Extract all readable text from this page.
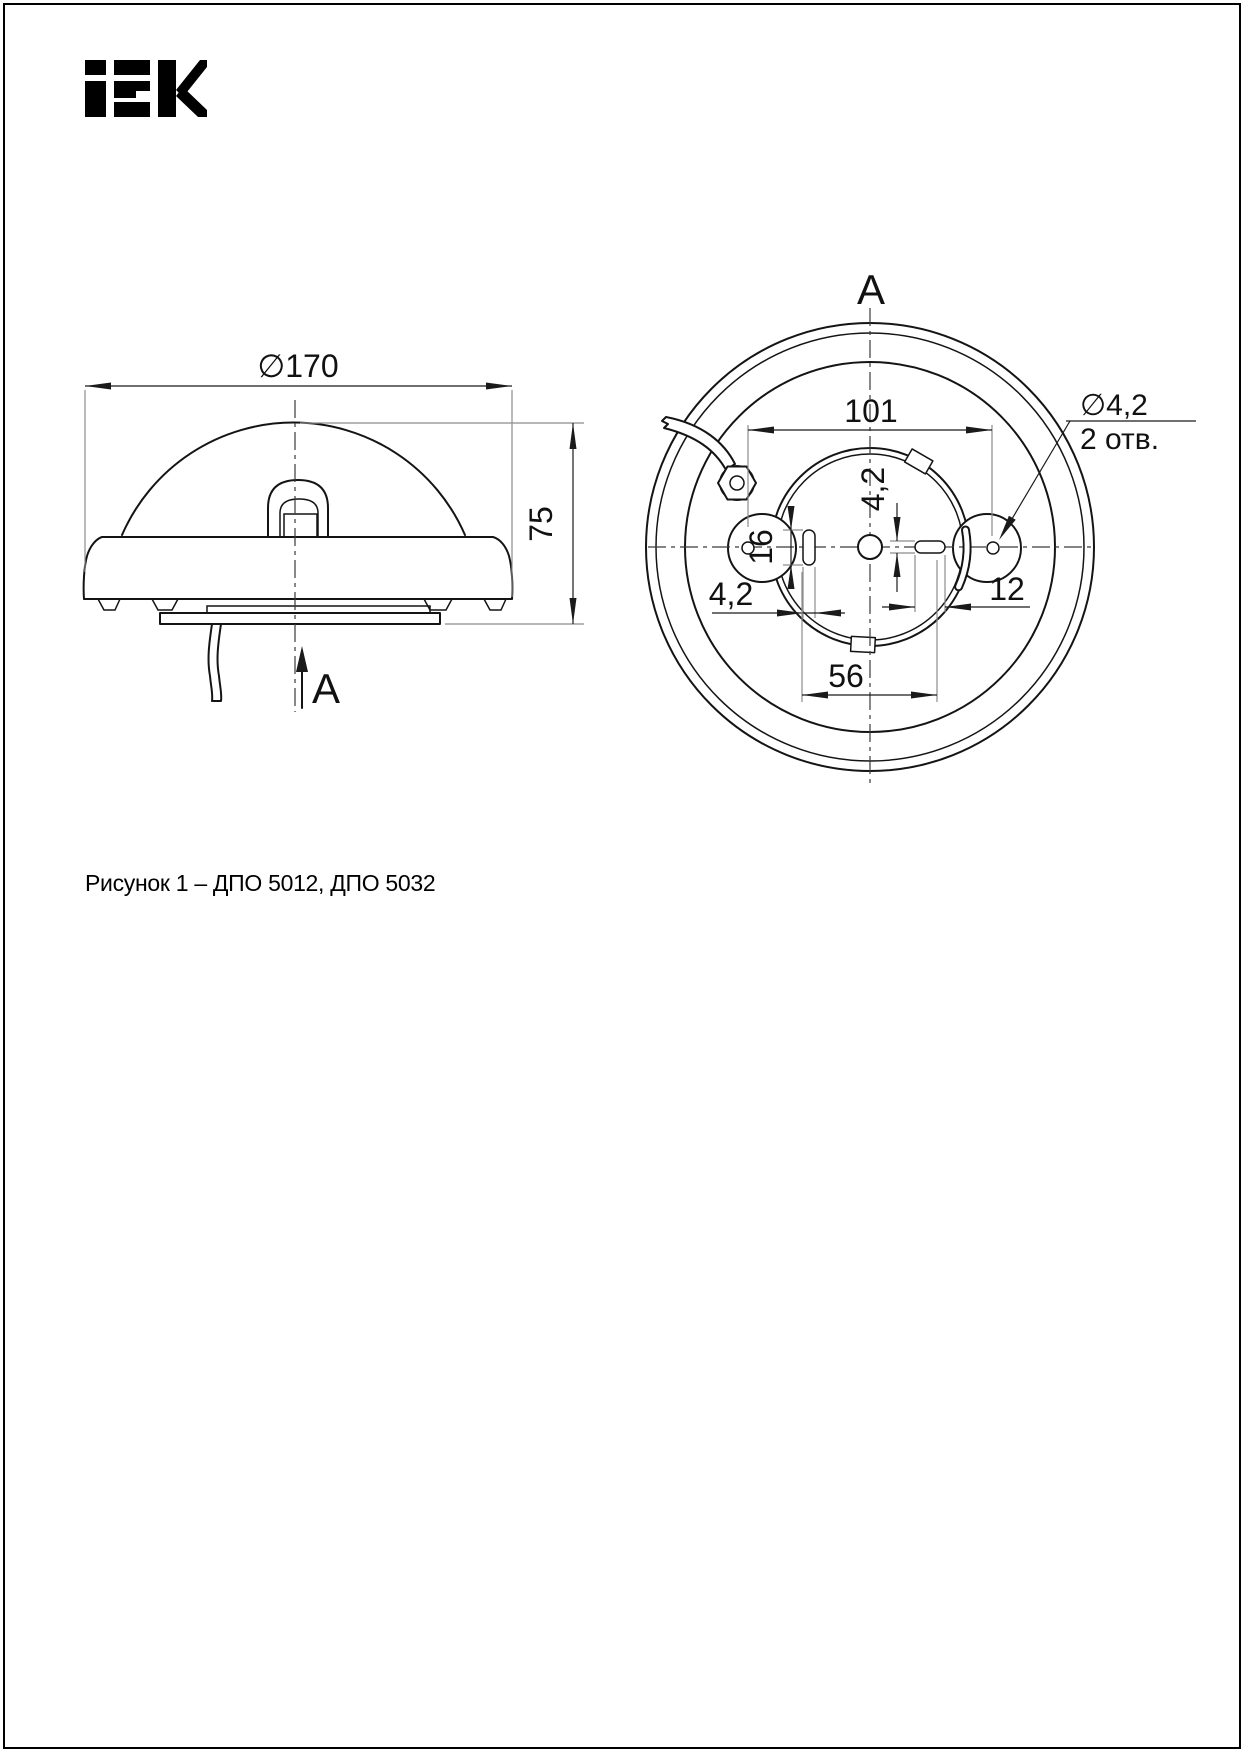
∅170
75
A
A
101
16
4,2
4,2
12
56
∅4,2
2 отв.
Рисунок 1 – ДПО 5012, ДПО 5032
